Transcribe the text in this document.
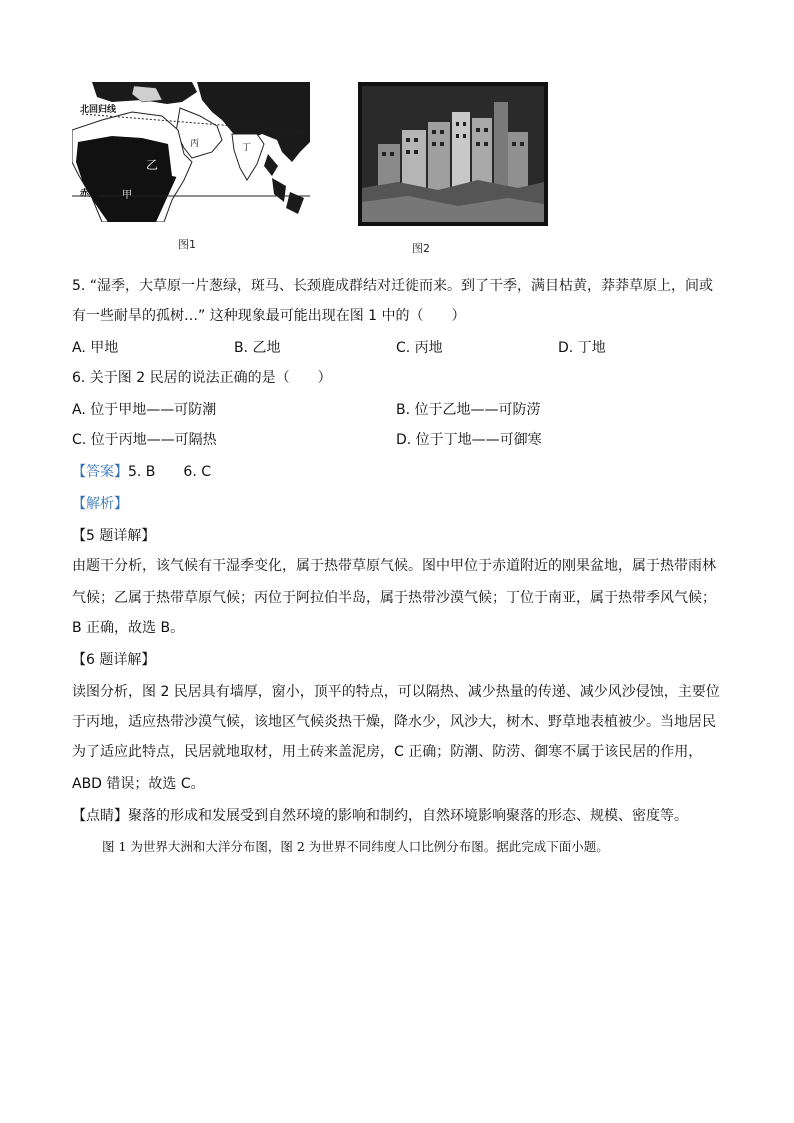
北回归线
赤道 甲
乙
丙	丁
图1	图2
5. “湿季，大草原一片葱绿，斑马、长颈鹿成群结对迁徙而来。到了干季，满目枯黄，莽莽草原上，间或
有一些耐旱的孤树…” 这种现象最可能出现在图 1 中的（　　）
A. 甲地	B. 乙地	C. 丙地	D. 丁地
6. 关于图 2 民居的说法正确的是（　　）
A. 位于甲地——可防潮	B. 位于乙地——可防涝
C. 位于丙地——可隔热	D. 位于丁地——可御寒
【答案】5. B　　6. C
【解析】
【5 题详解】
由题干分析，该气候有干湿季变化，属于热带草原气候。图中甲位于赤道附近的刚果盆地，属于热带雨林
气候；乙属于热带草原气候；丙位于阿拉伯半岛，属于热带沙漠气候；丁位于南亚，属于热带季风气候；
B 正确，故选 B。
【6 题详解】
读图分析，图 2 民居具有墙厚，窗小，顶平的特点，可以隔热、减少热量的传递、减少风沙侵蚀，主要位
于丙地，适应热带沙漠气候，该地区气候炎热干燥，降水少，风沙大，树木、野草地表植被少。当地居民
为了适应此特点，民居就地取材，用土砖来盖泥房，C 正确；防潮、防涝、御寒不属于该民居的作用，
ABD 错误；故选 C。
【点睛】聚落的形成和发展受到自然环境的影响和制约，自然环境影响聚落的形态、规模、密度等。
图 1 为世界大洲和大洋分布图，图 2 为世界不同纬度人口比例分布图。据此完成下面小题。
